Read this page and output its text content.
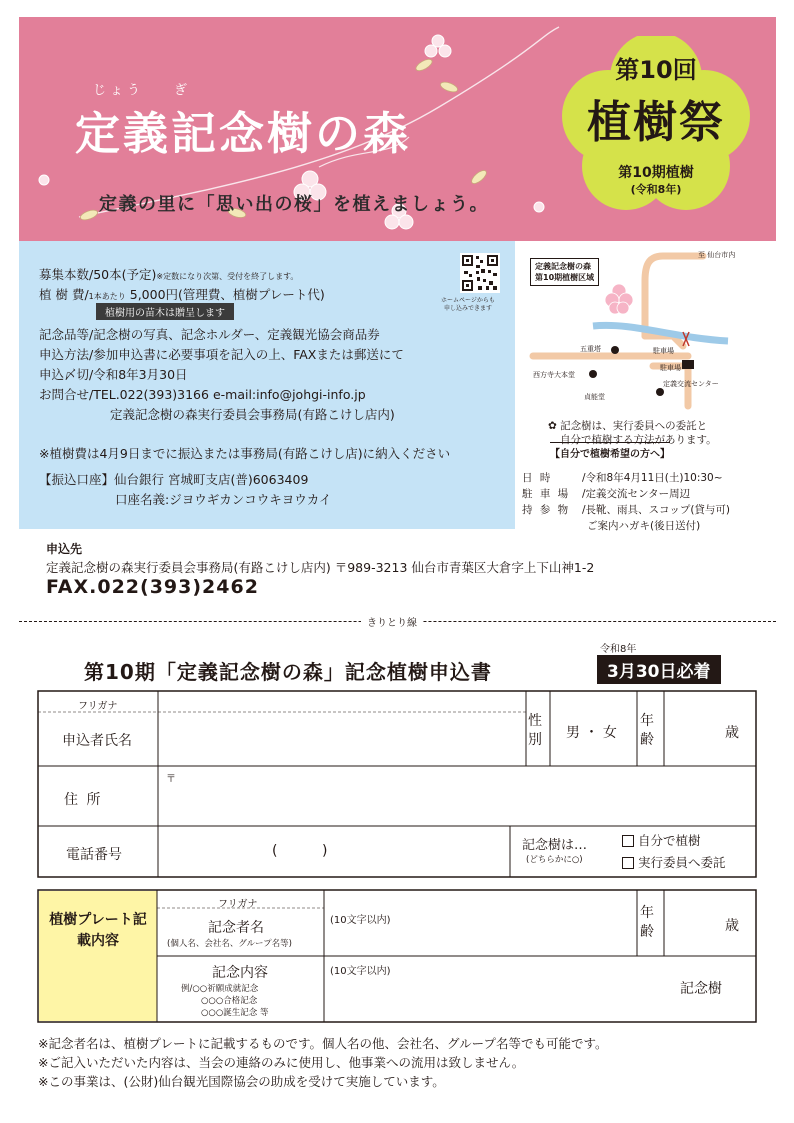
じょう ぎ
定義記念樹の森
定義の里に「思い出の桜」を植えましょう。
第10回
植樹祭
第10期植樹
(令和8年)
募集本数/50本(予定)※定数になり次第、受付を終了します。
植 樹 費/1本あたり 5,000円(管理費、植樹プレート代)
植樹用の苗木は贈呈します
記念品等/記念樹の写真、記念ホルダー、定義観光協会商品券
申込方法/参加申込書に必要事項を記入の上、FAXまたは郵送にて
申込〆切/令和8年3月30日
お問合せ/TEL.022(393)3166 e-mail:info@johgi-info.jp
定義記念樹の森実行委員会事務局(有路こけし店内)
※植樹費は4月9日までに振込または事務局(有路こけし店)に納入ください
【振込口座】仙台銀行 宮城町支店(普)6063409
口座名義:ジヨウギカンコウキヨウカイ
ホームページからも
申し込みできます
定義記念樹の森
第10期植樹区域
至 仙台市内
五重塔	駐車場
駐車場
西方寺大本堂
定義交流センター
貞能堂
✿ 記念樹は、実行委員への委託と
自分で植樹する方法があります。
【自分で植樹希望の方へ】
日 時	/令和8年4月11日(土)10:30~
駐 車 場 /定義交流センター周辺
持 参 物 /長靴、雨具、スコップ(貸与可)
ご案内ハガキ(後日送付)
申込先
定義記念樹の森実行委員会事務局(有路こけし店内) 〒989-3213 仙台市青葉区大倉字上下山神1-2
FAX.022(393)2462
きりとり線
第10期「定義記念樹の森」記念植樹申込書
令和8年
3月30日必着
フリガナ
申込者氏名
性別	男 ・ 女
年齢	歳
住 所
〒
電話番号	(          )	記念樹は…
(どちらかに○)
自分で植樹
実行委員へ委託
植樹プレート記載内容
フリガナ
記念者名
(個人名、会社名、グループ名等)
(10文字以内)	年齢	歳
記念内容
例/○○祈願成就記念
○○○合格記念
○○○誕生記念 等
(10文字以内)
記念樹
※記念者名は、植樹プレートに記載するものです。個人名の他、会社名、グループ名等でも可能です。
※ご記入いただいた内容は、当会の連絡のみに使用し、他事業への流用は致しません。
※この事業は、(公財)仙台観光国際協会の助成を受けて実施しています。
